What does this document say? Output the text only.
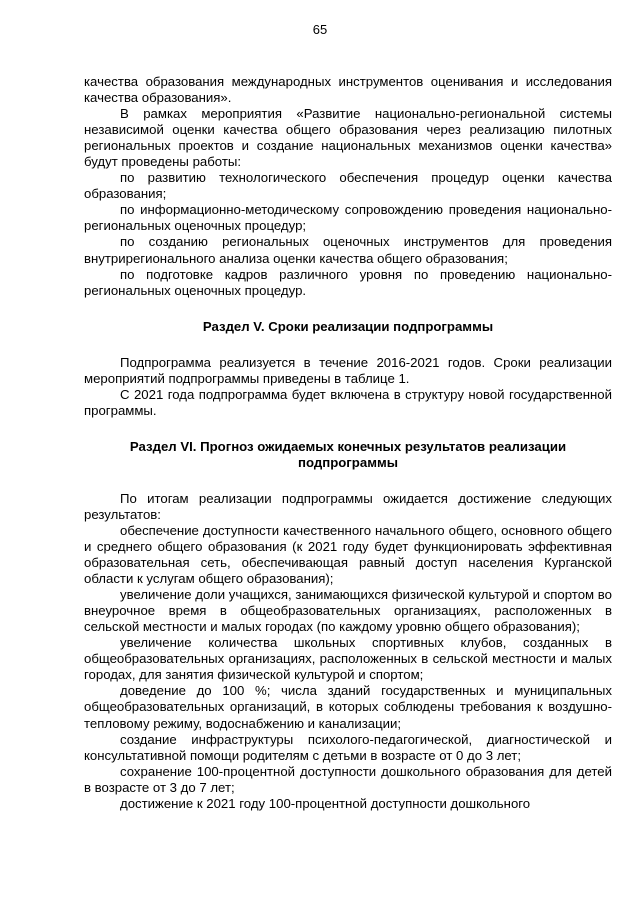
65

качества образования международных инструментов оценивания и исследования качества образования».

В рамках мероприятия «Развитие национально-региональной системы независимой оценки качества общего образования через реализацию пилотных региональных проектов и создание национальных механизмов оценки качества» будут проведены работы:

по развитию технологического обеспечения процедур оценки качества образования;

по информационно-методическому сопровождению проведения национально-региональных оценочных процедур;

по созданию региональных оценочных инструментов для проведения внутрирегионального анализа оценки качества общего образования;

по подготовке кадров различного уровня по проведению национально-региональных оценочных процедур.

Раздел V. Сроки реализации подпрограммы

Подпрограмма реализуется в течение 2016-2021 годов. Сроки реализации мероприятий подпрограммы приведены в таблице 1.

С 2021 года подпрограмма будет включена в структуру новой государственной программы.

Раздел VI. Прогноз ожидаемых конечных результатов реализации
подпрограммы

По итогам реализации подпрограммы ожидается достижение следующих результатов:

обеспечение доступности качественного начального общего, основного общего и среднего общего образования (к 2021 году будет функционировать эффективная образовательная сеть, обеспечивающая равный доступ населения Курганской области к услугам общего образования);

увеличение доли учащихся, занимающихся физической культурой и спортом во внеурочное время в общеобразовательных организациях, расположенных в сельской местности и малых городах (по каждому уровню общего образования);

увеличение количества школьных спортивных клубов, созданных в общеобразовательных организациях, расположенных в сельской местности и малых городах, для занятия физической культурой и спортом;

доведение до 100 %; числа зданий государственных и муниципальных общеобразовательных организаций, в которых соблюдены требования к воздушно-тепловому режиму, водоснабжению и канализации;

создание инфраструктуры психолого-педагогической, диагностической и консультативной помощи родителям с детьми в возрасте от 0 до 3 лет;

сохранение 100-процентной доступности дошкольного образования для детей в возрасте от 3 до 7 лет;

достижение к 2021 году 100-процентной доступности дошкольного
